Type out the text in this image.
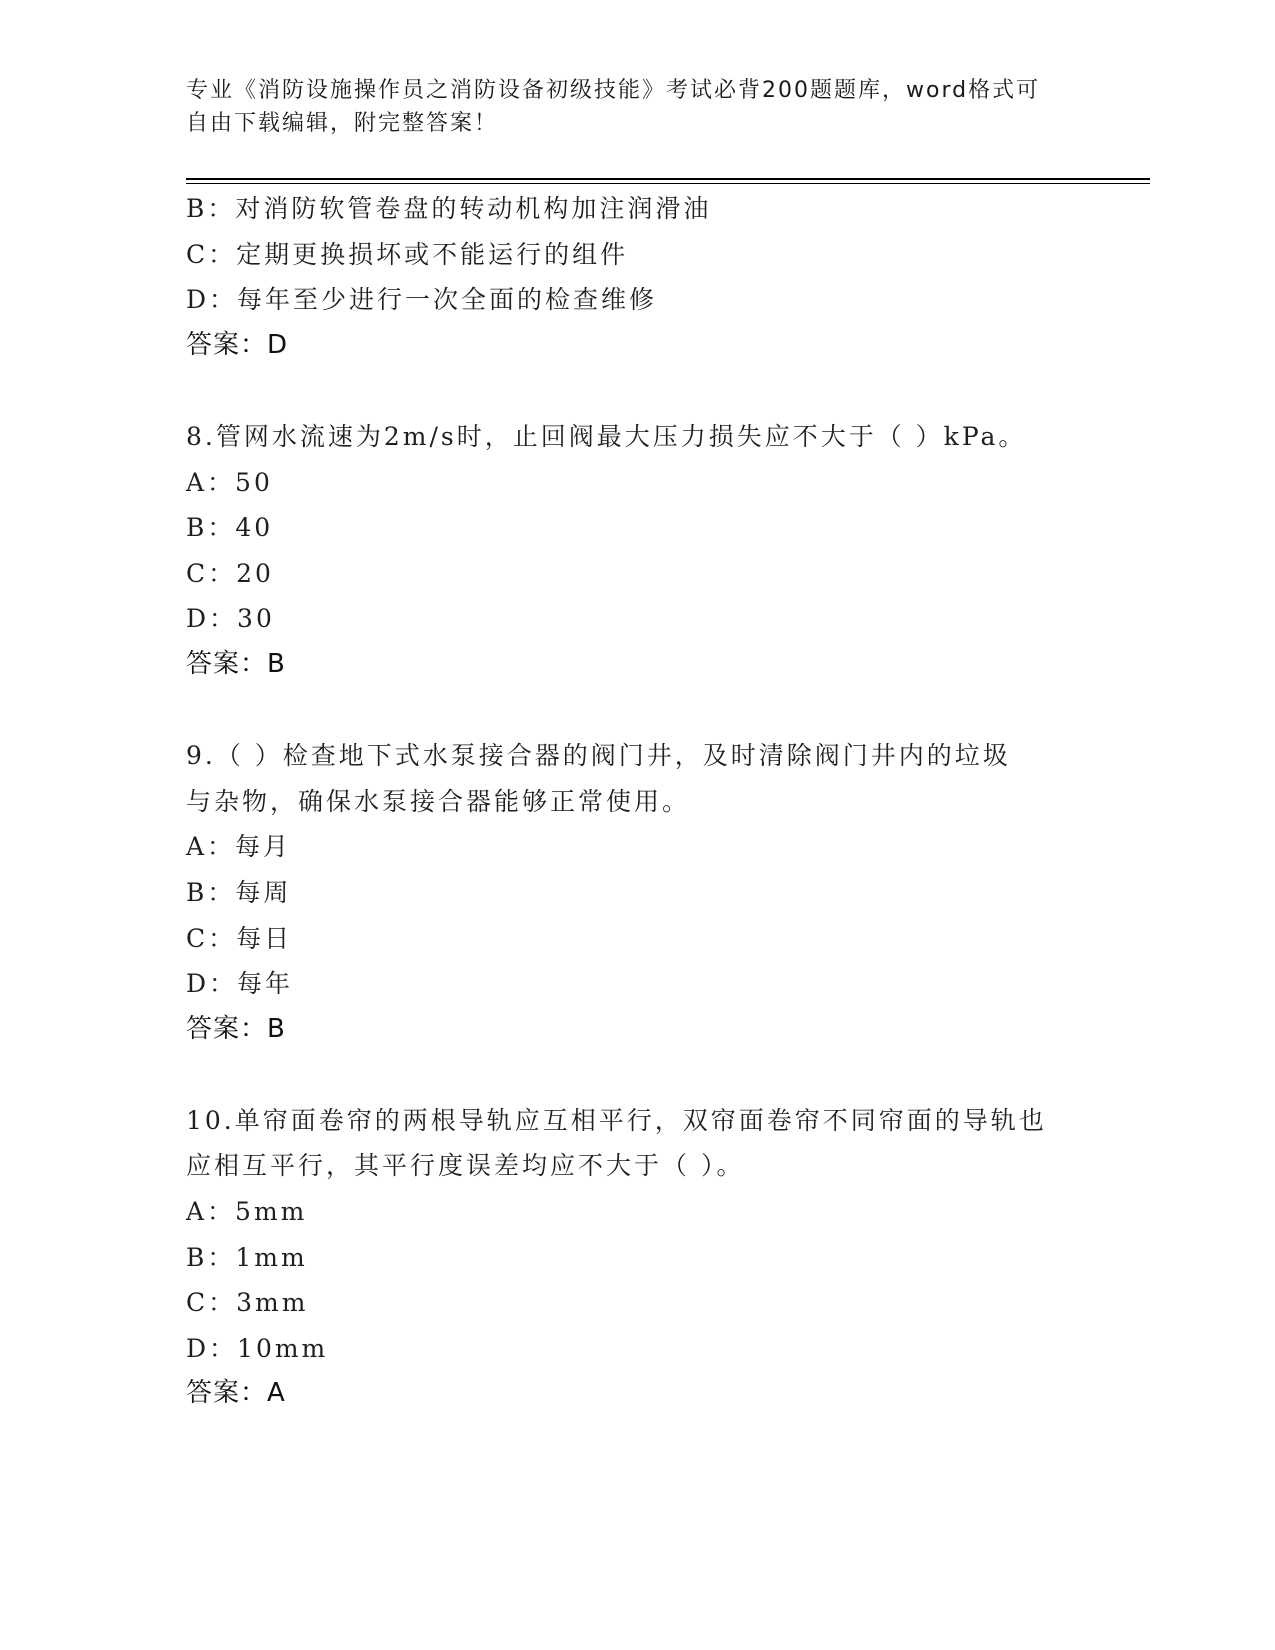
专业《消防设施操作员之消防设备初级技能》考试必背200题题库，word格式可
自由下载编辑，附完整答案！
B：对消防软管卷盘的转动机构加注润滑油
C：定期更换损坏或不能运行的组件
D：每年至少进行一次全面的检查维修
答案：D
8.管网水流速为2m/s时，止回阀最大压力损失应不大于（ ）kPa。
A：50
B：40
C：20
D：30
答案：B
9.（ ）检查地下式水泵接合器的阀门井，及时清除阀门井内的垃圾
与杂物，确保水泵接合器能够正常使用。
A：每月
B：每周
C：每日
D：每年
答案：B
10.单帘面卷帘的两根导轨应互相平行，双帘面卷帘不同帘面的导轨也
应相互平行，其平行度误差均应不大于（ ）。
A：5mm
B：1mm
C：3mm
D：10mm
答案：A
